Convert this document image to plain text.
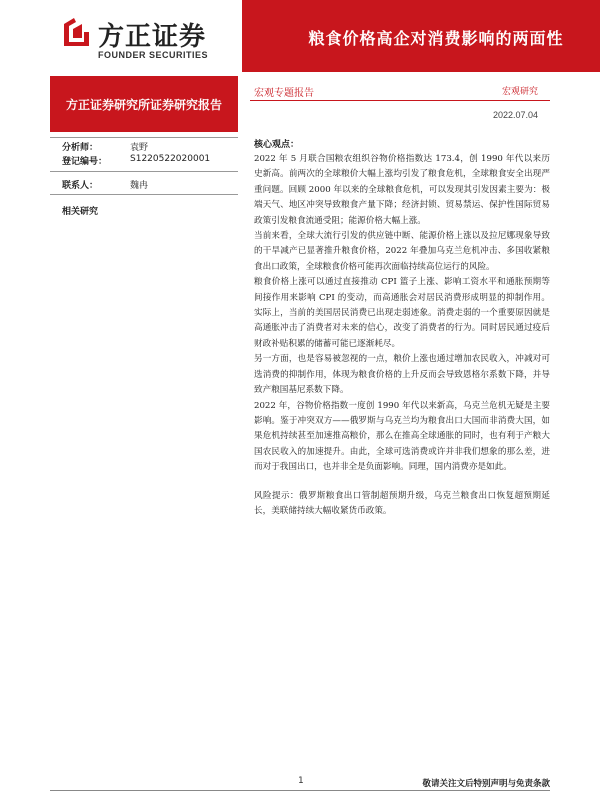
方正证券
FOUNDER SECURITIES
粮食价格高企对消费影响的两面性
方正证券研究所证券研究报告
宏观专题报告	宏观研究
2022.07.04
分析师：	袁野
登记编号：	S1220522020001
联系人：	魏冉
相关研究
核心观点：

2022 年 5 月联合国粮农组织谷物价格指数达 173.4，创 1990 年代以来历史新高。前两次的全球粮价大幅上涨均引发了粮食危机，全球粮食安全出现严重问题。回顾 2000 年以来的全球粮食危机，可以发现其引发因素主要为：极端天气、地区冲突导致粮食产量下降；经济封锁、贸易禁运、保护性国际贸易政策引发粮食流通受阻；能源价格大幅上涨。

当前来看，全球大流行引发的供应链中断、能源价格上涨以及拉尼娜现象导致的干旱减产已显著推升粮食价格，2022 年叠加乌克兰危机冲击、多国收紧粮食出口政策，全球粮食价格可能再次面临持续高位运行的风险。

粮食价格上涨可以通过直接推动 CPI 篮子上涨、影响工资水平和通胀预期等间接作用来影响 CPI 的变动，而高通胀会对居民消费形成明显的抑制作用。实际上，当前的美国居民消费已出现走弱迹象。消费走弱的一个重要原因就是高通胀冲击了消费者对未来的信心，改变了消费者的行为。同时居民通过疫后财政补贴积累的储蓄可能已逐渐耗尽。

另一方面，也是容易被忽视的一点，粮价上涨也通过增加农民收入，冲减对可选消费的抑制作用，体现为粮食价格的上升反而会导致恩格尔系数下降，并导致产粮国基尼系数下降。

2022 年，谷物价格指数一度创 1990 年代以来新高，乌克兰危机无疑是主要影响。鉴于冲突双方——俄罗斯与乌克兰均为粮食出口大国而非消费大国，如果危机持续甚至加速推高粮价，那么在推高全球通胀的同时，也有利于产粮大国农民收入的加速提升。由此，全球可选消费或许并非我们想象的那么差，进而对于我国出口，也并非全是负面影响。同理，国内消费亦是如此。

风险提示：俄罗斯粮食出口管制超预期升级，乌克兰粮食出口恢复超预期延长，美联储持续大幅收紧货币政策。

1	敬请关注文后特别声明与免责条款
